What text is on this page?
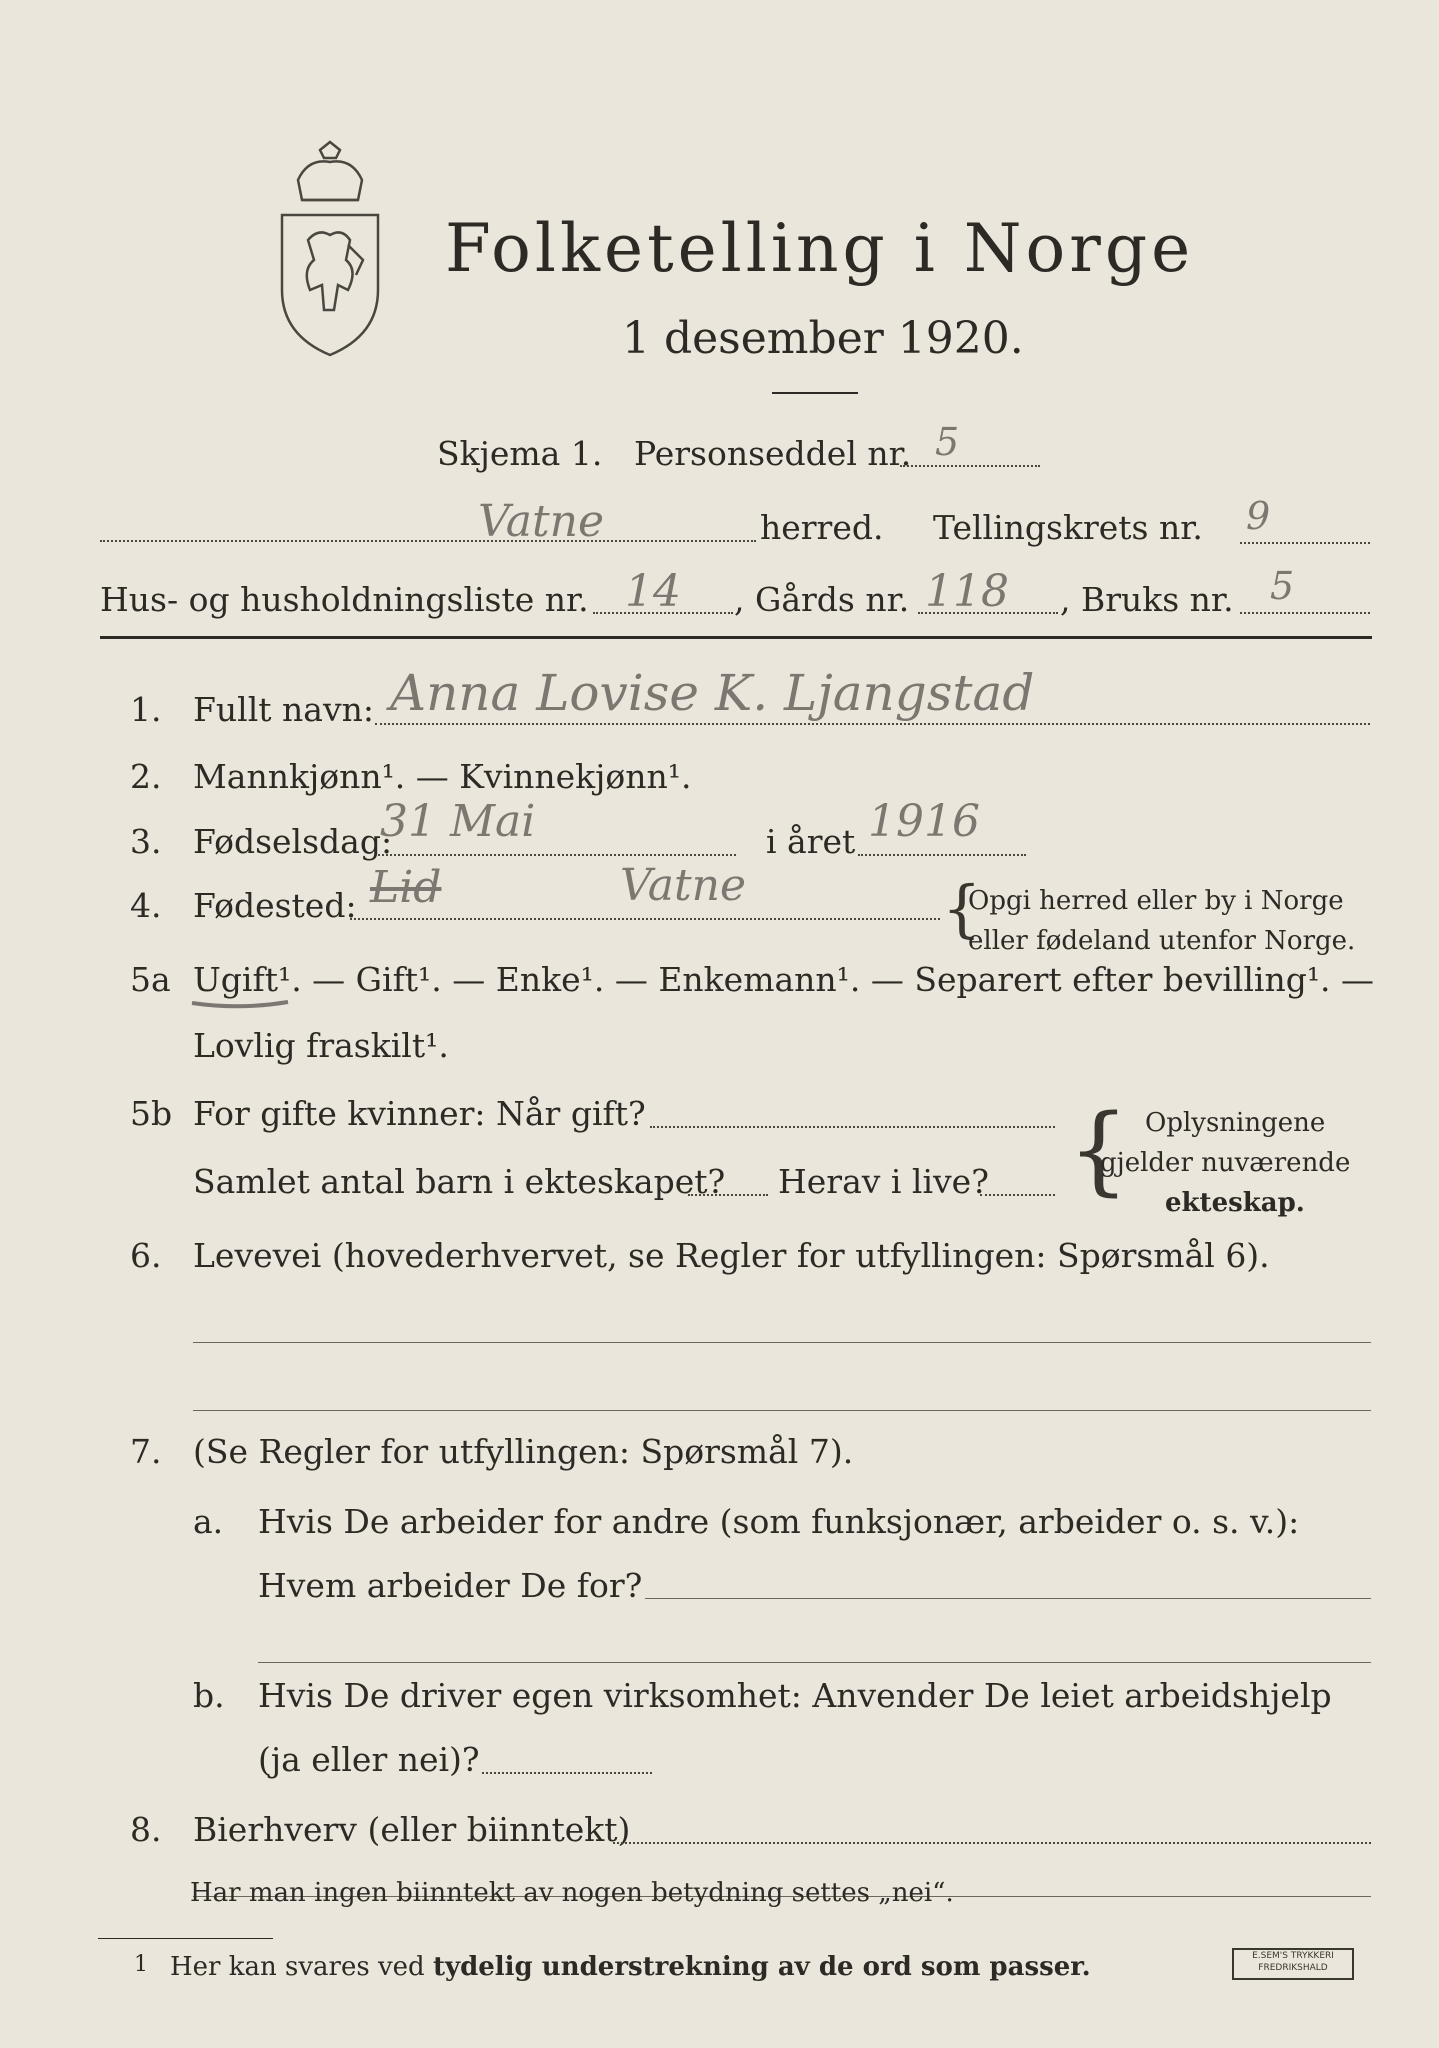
Folketelling i Norge
1 desember 1920.
Skjema 1. Personseddel nr. 5
Vatne	herred. Tellingskrets nr. 9
Hus- og husholdningsliste nr. 14 , Gårds nr. 118 , Bruks nr. 5
1. Fullt navn: Anna Lovise K. Ljangstad
2. Mannkjønn¹. — Kvinnekjønn¹.
3. Fødselsdag:
31 Mai	i året 1916
4. Fødested: Lid	Vatne	{
Opgi herred eller by i Norge
eller fødeland utenfor Norge.
5a Ugift¹. — Gift¹. — Enke¹. — Enkemann¹. — Separert efter bevilling¹. —
Lovlig fraskilt¹.
5b For gifte kvinner: Når gift?
Samlet antal barn i ekteskapet? Herav i live? { Oplysningene
gjelder nuværende
ekteskap.
6. Levevei (hovederhvervet, se Regler for utfyllingen: Spørsmål 6).
7. (Se Regler for utfyllingen: Spørsmål 7).
a. Hvis De arbeider for andre (som funksjonær, arbeider o. s. v.):
Hvem arbeider De for?
b. Hvis De driver egen virksomhet: Anvender De leiet arbeidshjelp
(ja eller nei)?
8. Bierhverv (eller biinntekt)
Har man ingen biinntekt av nogen betydning settes „nei“.
1 Her kan svares ved tydelig understrekning av de ord som passer.	E.SEM'S TRYKKERI
FREDRIKSHALD
